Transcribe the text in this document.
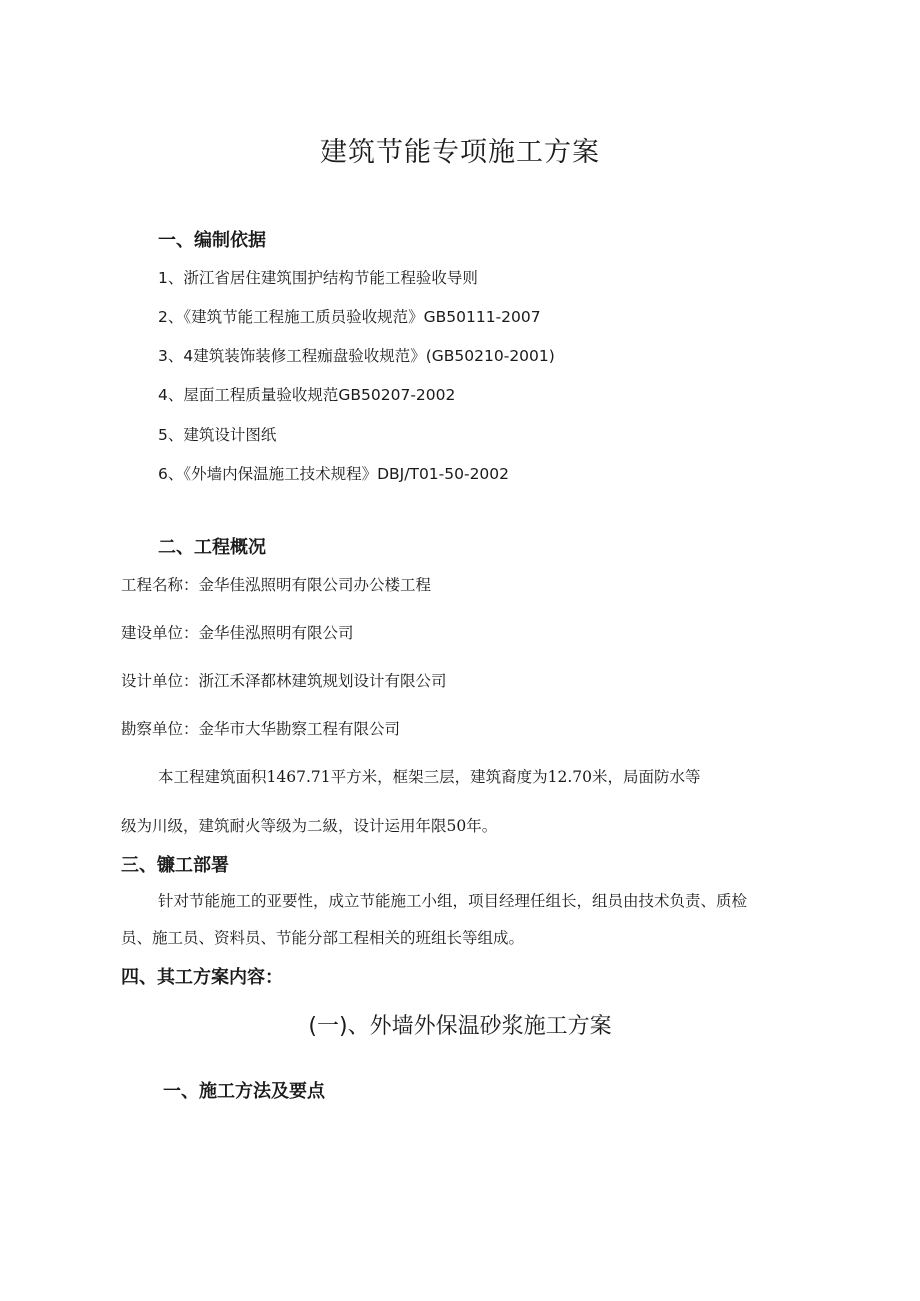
建筑节能专项施工方案
一、编制依据
1、浙江省居住建筑围护结构节能工程验收导则
2、《建筑节能工程施工质员验收规范》GB50111-2007
3、4建筑装饰装修工程痂盘验收规范》(GB50210-2001)
4、屋面工程质量验收规范GB50207-2002
5、建筑设计图纸
6、《外墙内保温施工技术规程》DBJ/T01-50-2002
二、工程概况
工程名称：金华佳泓照明有限公司办公楼工程
建设单位：金华佳泓照明有限公司
设计单位：浙江禾泽都林建筑规划设计有限公司
勘察单位：金华市大华勘察工程有限公司
本工程建筑面积1467.71平方米，框架三层，建筑裔度为12.70米，局面防水等
级为川级，建筑耐火等级为二級，设计运用年限50年。
三、镰工部署
针对节能施工的亚要性，成立节能施工小组，项目经理任组长，组员由技术负责、质检
员、施工员、资料员、节能分部工程相关的班组长等组成。
四、其工方案内容：
(一)、外墙外保温砂浆施工方案
一、施工方法及要点
